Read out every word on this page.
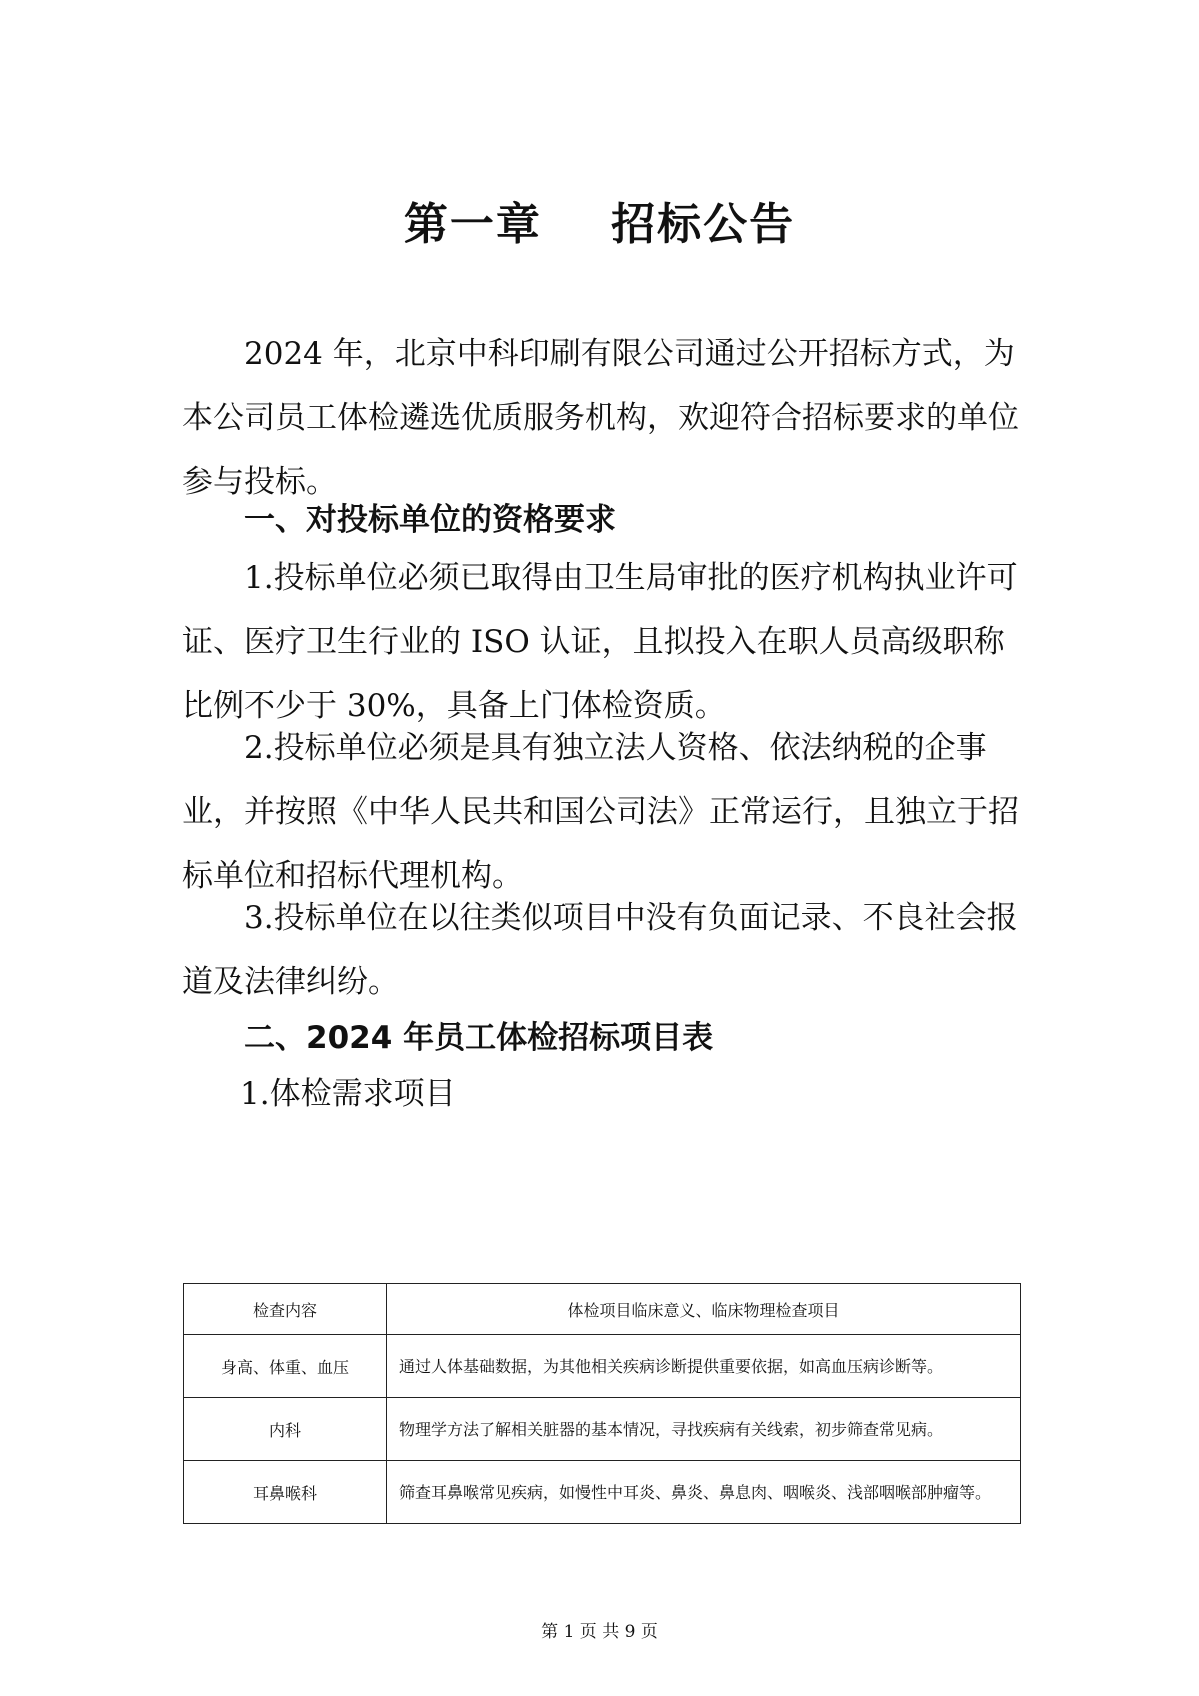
第一章    招标公告

2024 年，北京中科印刷有限公司通过公开招标方式，为本公司员工体检遴选优质服务机构，欢迎符合招标要求的单位参与投标。

一、对投标单位的资格要求

1.投标单位必须已取得由卫生局审批的医疗机构执业许可证、医疗卫生行业的 ISO 认证，且拟投入在职人员高级职称比例不少于 30%，具备上门体检资质。

2.投标单位必须是具有独立法人资格、依法纳税的企事业，并按照《中华人民共和国公司法》正常运行，且独立于招标单位和招标代理机构。

3.投标单位在以往类似项目中没有负面记录、不良社会报道及法律纠纷。

二、2024 年员工体检招标项目表
1.体检需求项目
检查内容	体检项目临床意义、临床物理检查项目
身高、体重、血压	通过人体基础数据，为其他相关疾病诊断提供重要依据，如高血压病诊断等。
内科	物理学方法了解相关脏器的基本情况，寻找疾病有关线索，初步筛查常见病。
耳鼻喉科	筛查耳鼻喉常见疾病，如慢性中耳炎、鼻炎、鼻息肉、咽喉炎、浅部咽喉部肿瘤等。
第 1 页 共 9 页
